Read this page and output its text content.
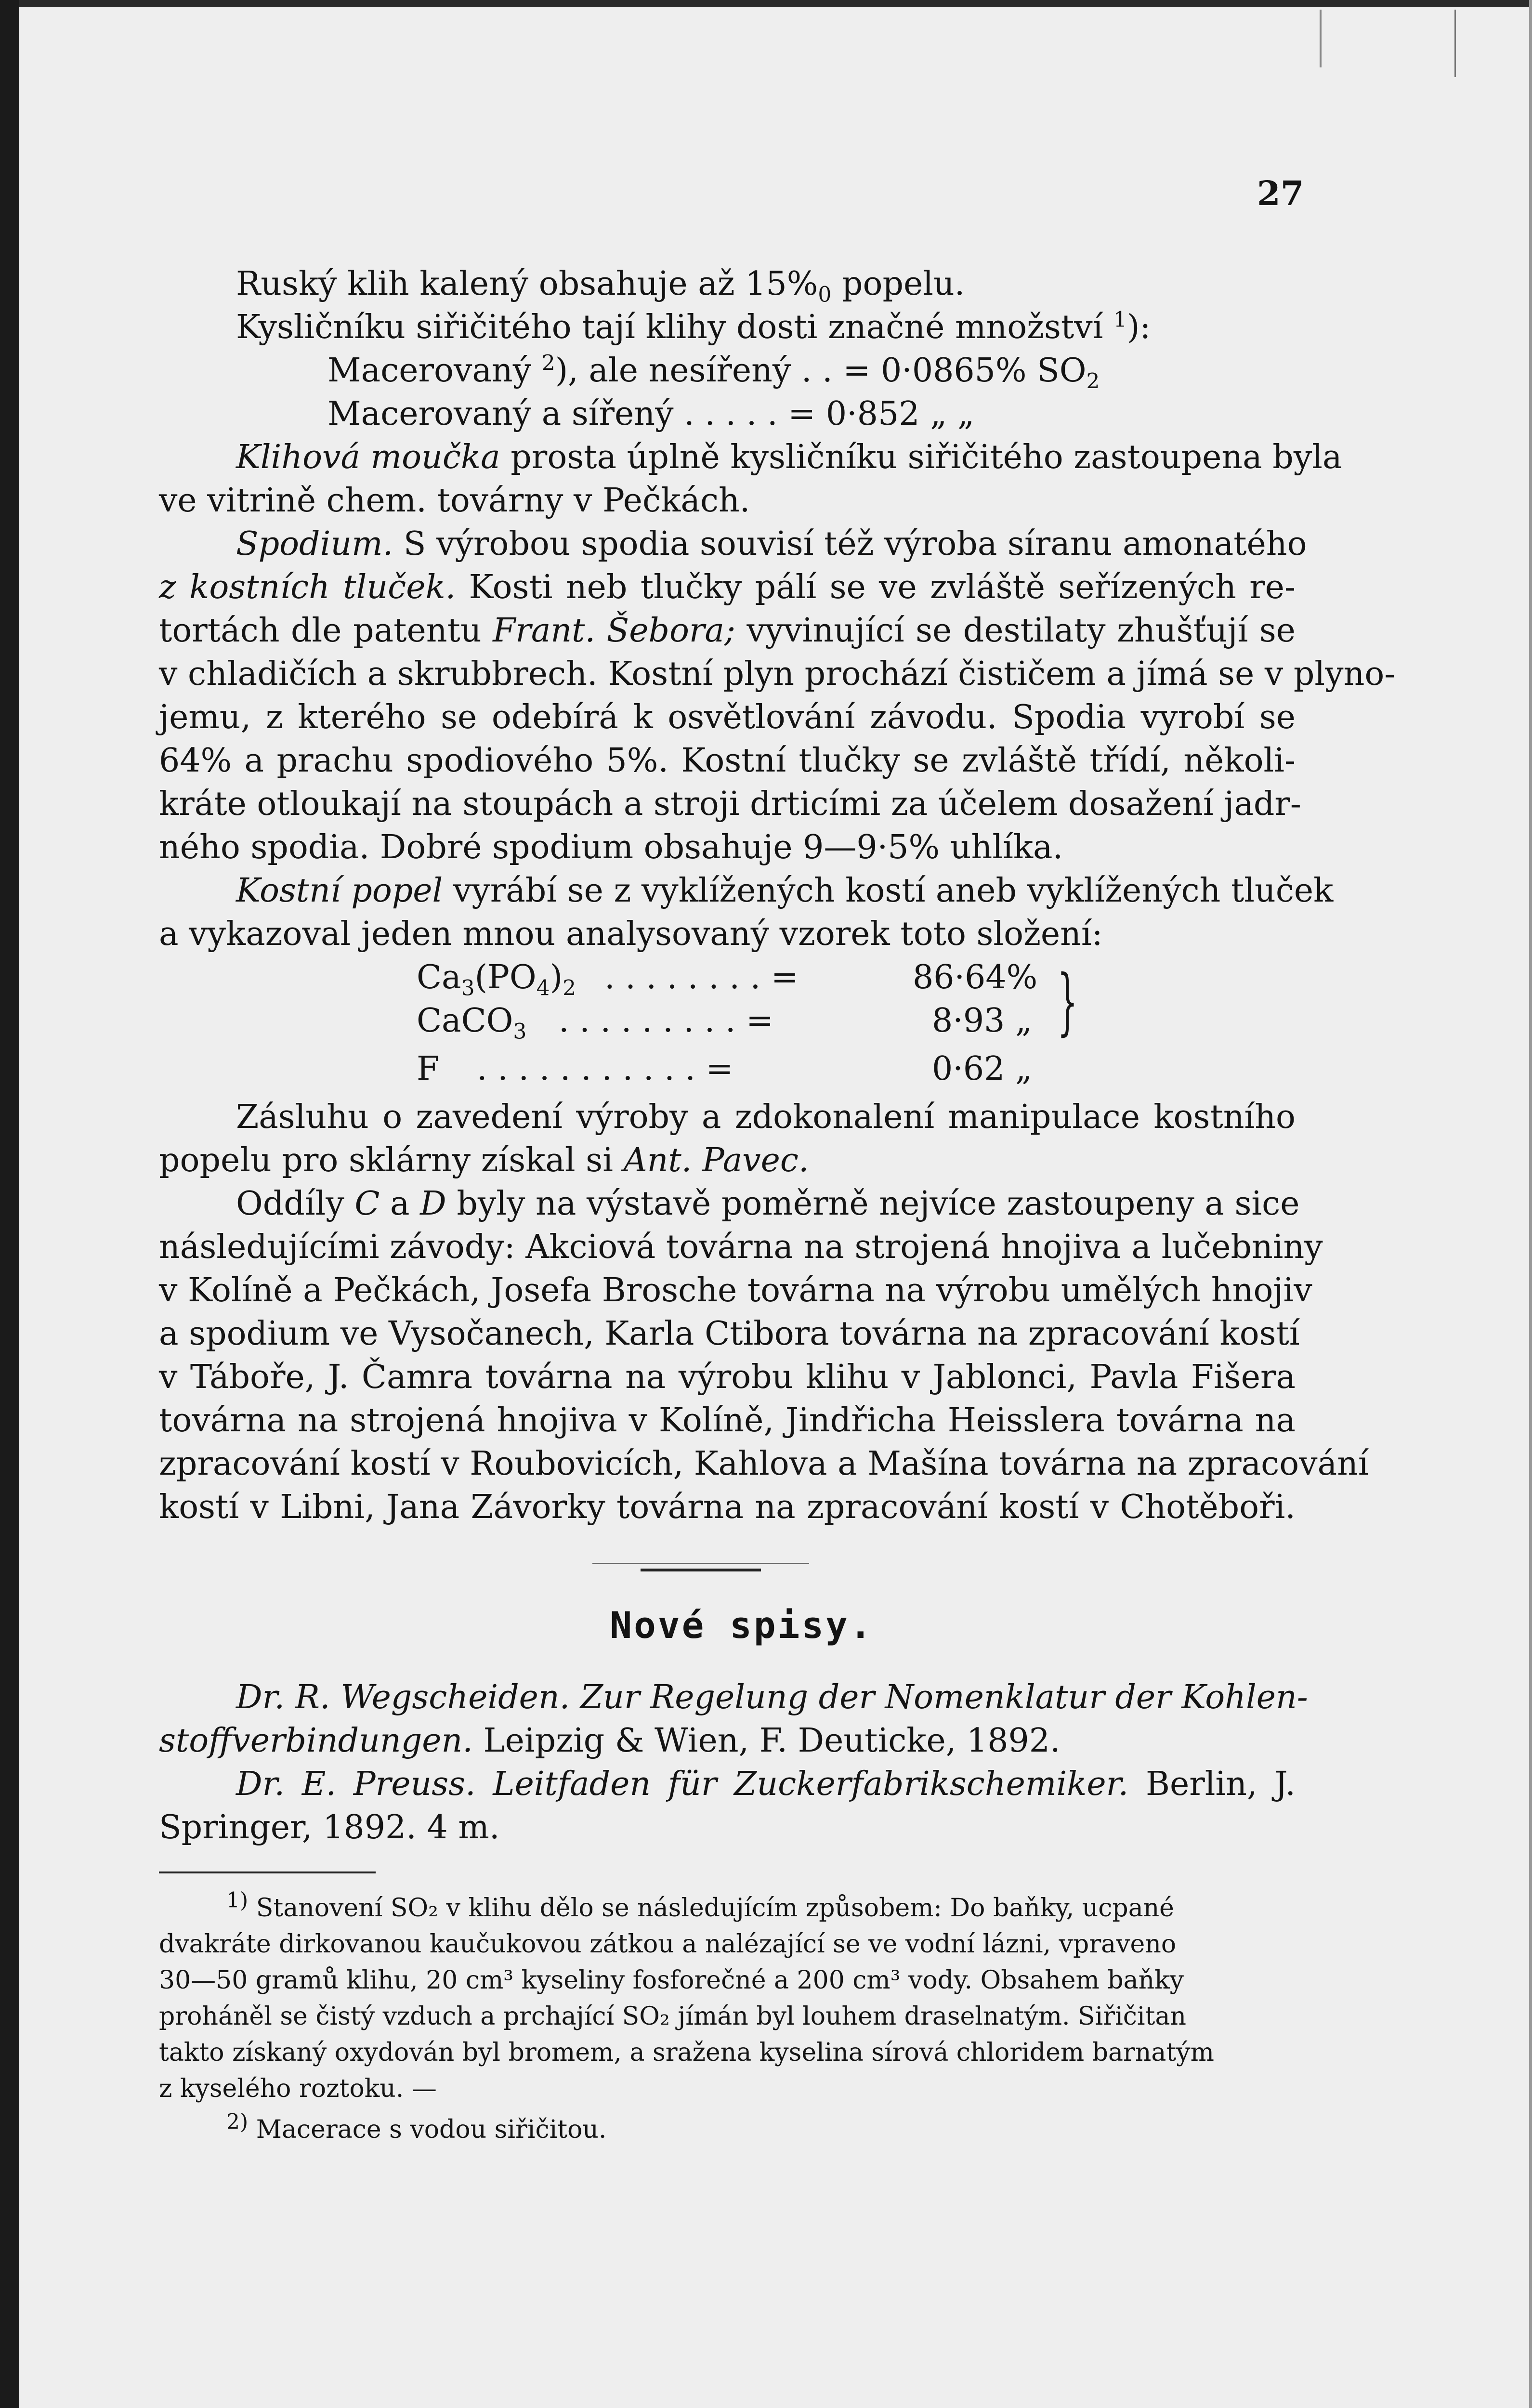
27
Ruský klih kalený obsahuje až $15\%_0$ popelu.
Kysličníku siřičitého tají klihy dosti značné množství $^1$):
Macerovaný $^2$), ale nesířený . . = 0·0865% $SO_2$
Macerovaný a sířený . . . . . = 0·852 „ „
Klihová moučka prosta úplně kysličníku siřičitého zastoupena byla
ve vitrině chem. továrny v Pečkách.
Spodium. S výrobou spodia souvisí též výroba síranu amonatého
z kostních tluček. Kosti neb tlučky pálí se ve zvláště seřízených re-
tortách dle patentu Frant. Šebora; vyvinující se destilaty zhušťují se
v chladičích a skrubbrech. Kostní plyn prochází čističem a jímá se v plyno-
jemu, z kterého se odebírá k osvětlování závodu. Spodia vyrobí se
64% a prachu spodiového 5%. Kostní tlučky se zvláště třídí, několi-
kráte otloukají na stoupách a stroji drticími za účelem dosažení jadr-
ného spodia. Dobré spodium obsahuje 9—9·5% uhlíka.
Kostní popel vyrábí se z vyklížených kostí aneb vyklížených tluček
a vykazoval jeden mnou analysovaný vzorek toto složení:
$Ca_3(PO_4)_2$ . . . . . . . . =	86·64%
CaCO$_3$ . . . . . . . . . =	8·93 „ }
F . . . . . . . . . . . =	0·62 „
Zásluhu o zavedení výroby a zdokonalení manipulace kostního
popelu pro sklárny získal si Ant. Pavec.
Oddíly C a D byly na výstavě poměrně nejvíce zastoupeny a sice
následujícími závody: Akciová továrna na strojená hnojiva a lučebniny
v Kolíně a Pečkách, Josefa Brosche továrna na výrobu umělých hnojiv
a spodium ve Vysočanech, Karla Ctibora továrna na zpracování kostí
v Táboře, J. Čamra továrna na výrobu klihu v Jablonci, Pavla Fišera
továrna na strojená hnojiva v Kolíně, Jindřicha Heisslera továrna na
zpracování kostí v Roubovicích, Kahlova a Mašína továrna na zpracování
kostí v Libni, Jana Závorky továrna na zpracování kostí v Chotěboři.
Nové spisy.
Dr. R. Wegscheiden. Zur Regelung der Nomenklatur der Kohlen-
stoffverbindungen. Leipzig & Wien, F. Deuticke, 1892.
Dr. E. Preuss. Leitfaden für Zuckerfabrikschemiker. Berlin, J.
Springer, 1892. 4 m.
$^{1)}$ Stanovení SO₂ v klihu dělo se následujícím způsobem: Do baňky, ucpané
dvakráte dirkovanou kaučukovou zátkou a nalézající se ve vodní lázni, vpraveno
30—50 gramů klihu, 20 cm³ kyseliny fosforečné a 200 cm³ vody. Obsahem baňky
proháněl se čistý vzduch a prchající SO₂ jímán byl louhem draselnatým. Siřičitan
takto získaný oxydován byl bromem, a sražena kyselina sírová chloridem barnatým
z kyselého roztoku. —
$^{2)}$ Macerace s vodou siřičitou.
